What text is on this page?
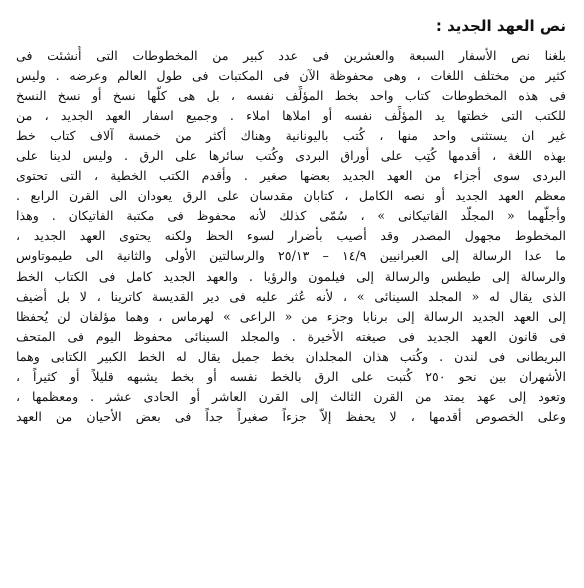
نص العهد الجديد :
بلغنا نص الأسفار السبعة والعشرين فى عدد كبير من المخطوطات التى أُنشئت فى
كثير من مختلف اللغات ، وهى محفوظة الآن فى المكتبات فى طول العالم وعرضه . وليس
فى هذه المخطوطات كتاب واحد بخط المؤلِّف نفسه ، بل هى كلّها نسخ أو نسخ النسخ
للكتب التى خطتها يد المؤلِّف نفسه أو املاها املاء . وجميع اسفار العهد الجديد ، من
غير ان يستثنى واحد منها ، كُتب باليونانية وهناك أكثر من خمسة آلاف كتاب خط
بهذه اللغة ، أقدمها كُتِب على أوراق البردى وكُتب سائرها على الرق . وليس لدينا على
البردى سوى أجزاء من العهد الجديد بعضها صغير . وأقدم الكتب الخطية ، التى تحتوى
معظم العهد الجديد أو نصه الكامل ، كتابان مقدسان على الرق يعودان الى القرن الرابع .
وأجلّهما « المجلّد الفاتيكانى » ، سُمّى كذلك لأنه محفوظ فى مكتبة الفاتيكان . وهذا
المخطوط مجهول المصدر وقد أصيب بأضرار لسوء الحظ ولكنه يحتوى العهد الجديد ،
ما عدا الرسالة إلى العبرانيين ١٤/٩ – ٢٥/١٣ والرسالتين الأولى والثانية الى طيموتاوس
والرسالة إلى طيطس والرسالة إلى فيلمون والرؤيا . والعهد الجديد كامل فى الكتاب الخط
الذى يقال له « المجلد السينائى » ، لأنه عُثر عليه فى دير القديسة كاترينا ، لا بل أضيف
إلى العهد الجديد الرسالة إلى برنابا وجزء من « الراعى » لهرماس ، وهما مؤلفان لن يُحفظا
فى قانون العهد الجديد فى صيغته الأخيرة . والمجلد السينائى محفوظ اليوم فى المتحف
البريطانى فى لندن . وكُتب هذان المجلدان بخط جميل يقال له الخط الكبير الكتابى وهما
الأشهران بين نحو ٢٥٠ كُتبت على الرق بالخط نفسه أو بخط يشبهه قليلاً أو كثيراً ،
وتعود إلى عهد يمتد من القرن الثالث إلى القرن العاشر أو الحادى عشر . ومعظمها ،
وعلى الخصوص أقدمها ، لا يحفظ إلاّ جزءاً صغيراً جداً فى بعض الأحيان من العهد
